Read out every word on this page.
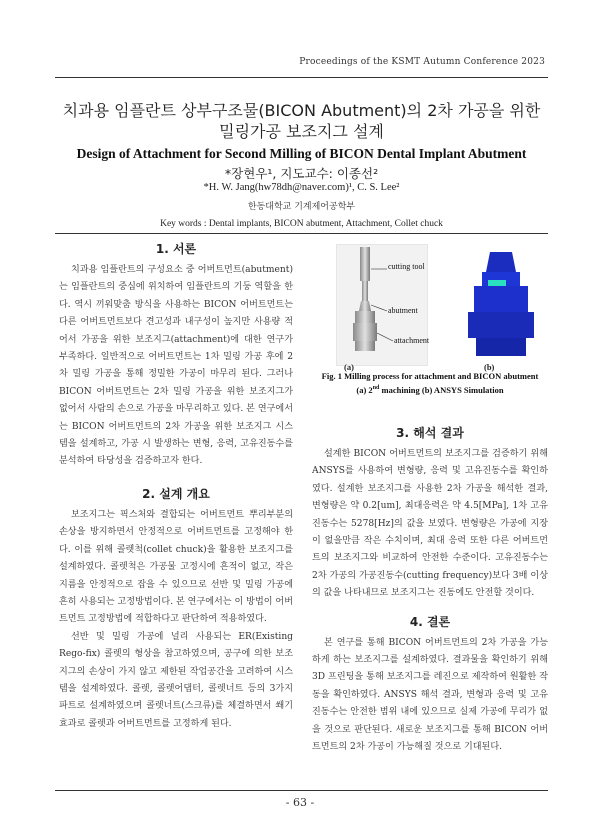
Proceedings of the KSMT Autumn Conference 2023
치과용 임플란트 상부구조물(BICON Abutment)의 2차 가공을 위한
밀링가공 보조지그 설계
Design of Attachment for Second Milling of BICON Dental Implant Abutment
*장현우¹, 지도교수: 이종선²
*H. W. Jang(hw78dh@naver.com)¹, C. S. Lee²
한동대학교 기계제어공학부
Key words : Dental implants, BICON abutment, Attachment, Collet chuck
1. 서론

치과용 임플란트의 구성요소 중 어버트먼트(abutment)는 임플란트의 중심에 위치하여 임플란트의 기둥 역할을 한다. 역시 끼워맞춤 방식을 사용하는 BICON 어버트먼트는 다른 어버트먼트보다 견고성과 내구성이 높지만 사용량 적어서 가공을 위한 보조지그(attachment)에 대한 연구가 부족하다. 일반적으로 어버트먼트는 1차 밀링 가공 후에 2차 밀링 가공을 통해 정밀한 가공이 마무리 된다. 그러나 BICON 어버트먼트는 2차 밀링 가공을 위한 보조지그가 없어서 사람의 손으로 가공을 마무리하고 있다. 본 연구에서는 BICON 어버트먼트의 2차 가공을 위한 보조지그 시스템을 설계하고, 가공 시 발생하는 변형, 응력, 고유진동수를 분석하여 타당성을 검증하고자 한다.

2. 설계 개요

보조지그는 픽스처와 결합되는 어버트먼트 뿌리부분의 손상을 방지하면서 안정적으로 어버트먼트를 고정해야 한다. 이를 위해 콜렛척(collet chuck)을 활용한 보조지그를 설계하였다. 콜렛척은 가공물 고정시에 흔적이 없고, 작은 지름을 안정적으로 잡을 수 있으므로 선반 및 밀링 가공에 흔히 사용되는 고정방법이다. 본 연구에서는 이 방법이 어버트먼트 고정방법에 적합하다고 판단하여 적용하였다.

선반 및 밀링 가공에 널리 사용되는 ER(Existing Rego-fix) 콜렛의 형상을 참고하였으며, 공구에 의한 보조지그의 손상이 가지 않고 제한된 작업공간을 고려하여 시스템을 설계하였다. 콜렛, 콜렛어댑터, 콜렛너트 등의 3가지 파트로 설계하였으며 콜렛너트(스크류)를 체결하면서 쐐기효과로 콜렛과 어버트먼트를 고정하게 된다.

cutting tool
abutment
attachment
(a)	(b)
Fig. 1 Milling process for attachment and BICON abutment
(a) 2nd machining (b) ANSYS Simulation
3. 해석 결과

설계한 BICON 어버트먼트의 보조지그를 검증하기 위해 ANSYS를 사용하여 변형량, 응력 및 고유진동수를 확인하였다. 설계한 보조지그를 사용한 2차 가공을 해석한 결과, 변형량은 약 0.2[um], 최대응력은 약 4.5[MPa], 1차 고유진동수는 5278[Hz]의 값을 보였다. 변형량은 가공에 지장이 없을만큼 작은 수치이며, 최대 응력 또한 다른 어버트먼트의 보조지그와 비교하여 안전한 수준이다. 고유진동수는 2차 가공의 가공진동수(cutting frequency)보다 3배 이상의 값을 나타내므로 보조지그는 진동에도 안전할 것이다.

4. 결론

본 연구를 통해 BICON 어버트먼트의 2차 가공을 가능하게 하는 보조지그를 설계하였다. 결과물을 확인하기 위해 3D 프린팅을 통해 보조지그를 레진으로 제작하여 원활한 작동을 확인하였다. ANSYS 해석 결과, 변형과 응력 및 고유진동수는 안전한 범위 내에 있으므로 실제 가공에 무리가 없을 것으로 판단된다. 새로운 보조지그를 통해 BICON 어버트먼트의 2차 가공이 가능해질 것으로 기대된다.

- 63 -
